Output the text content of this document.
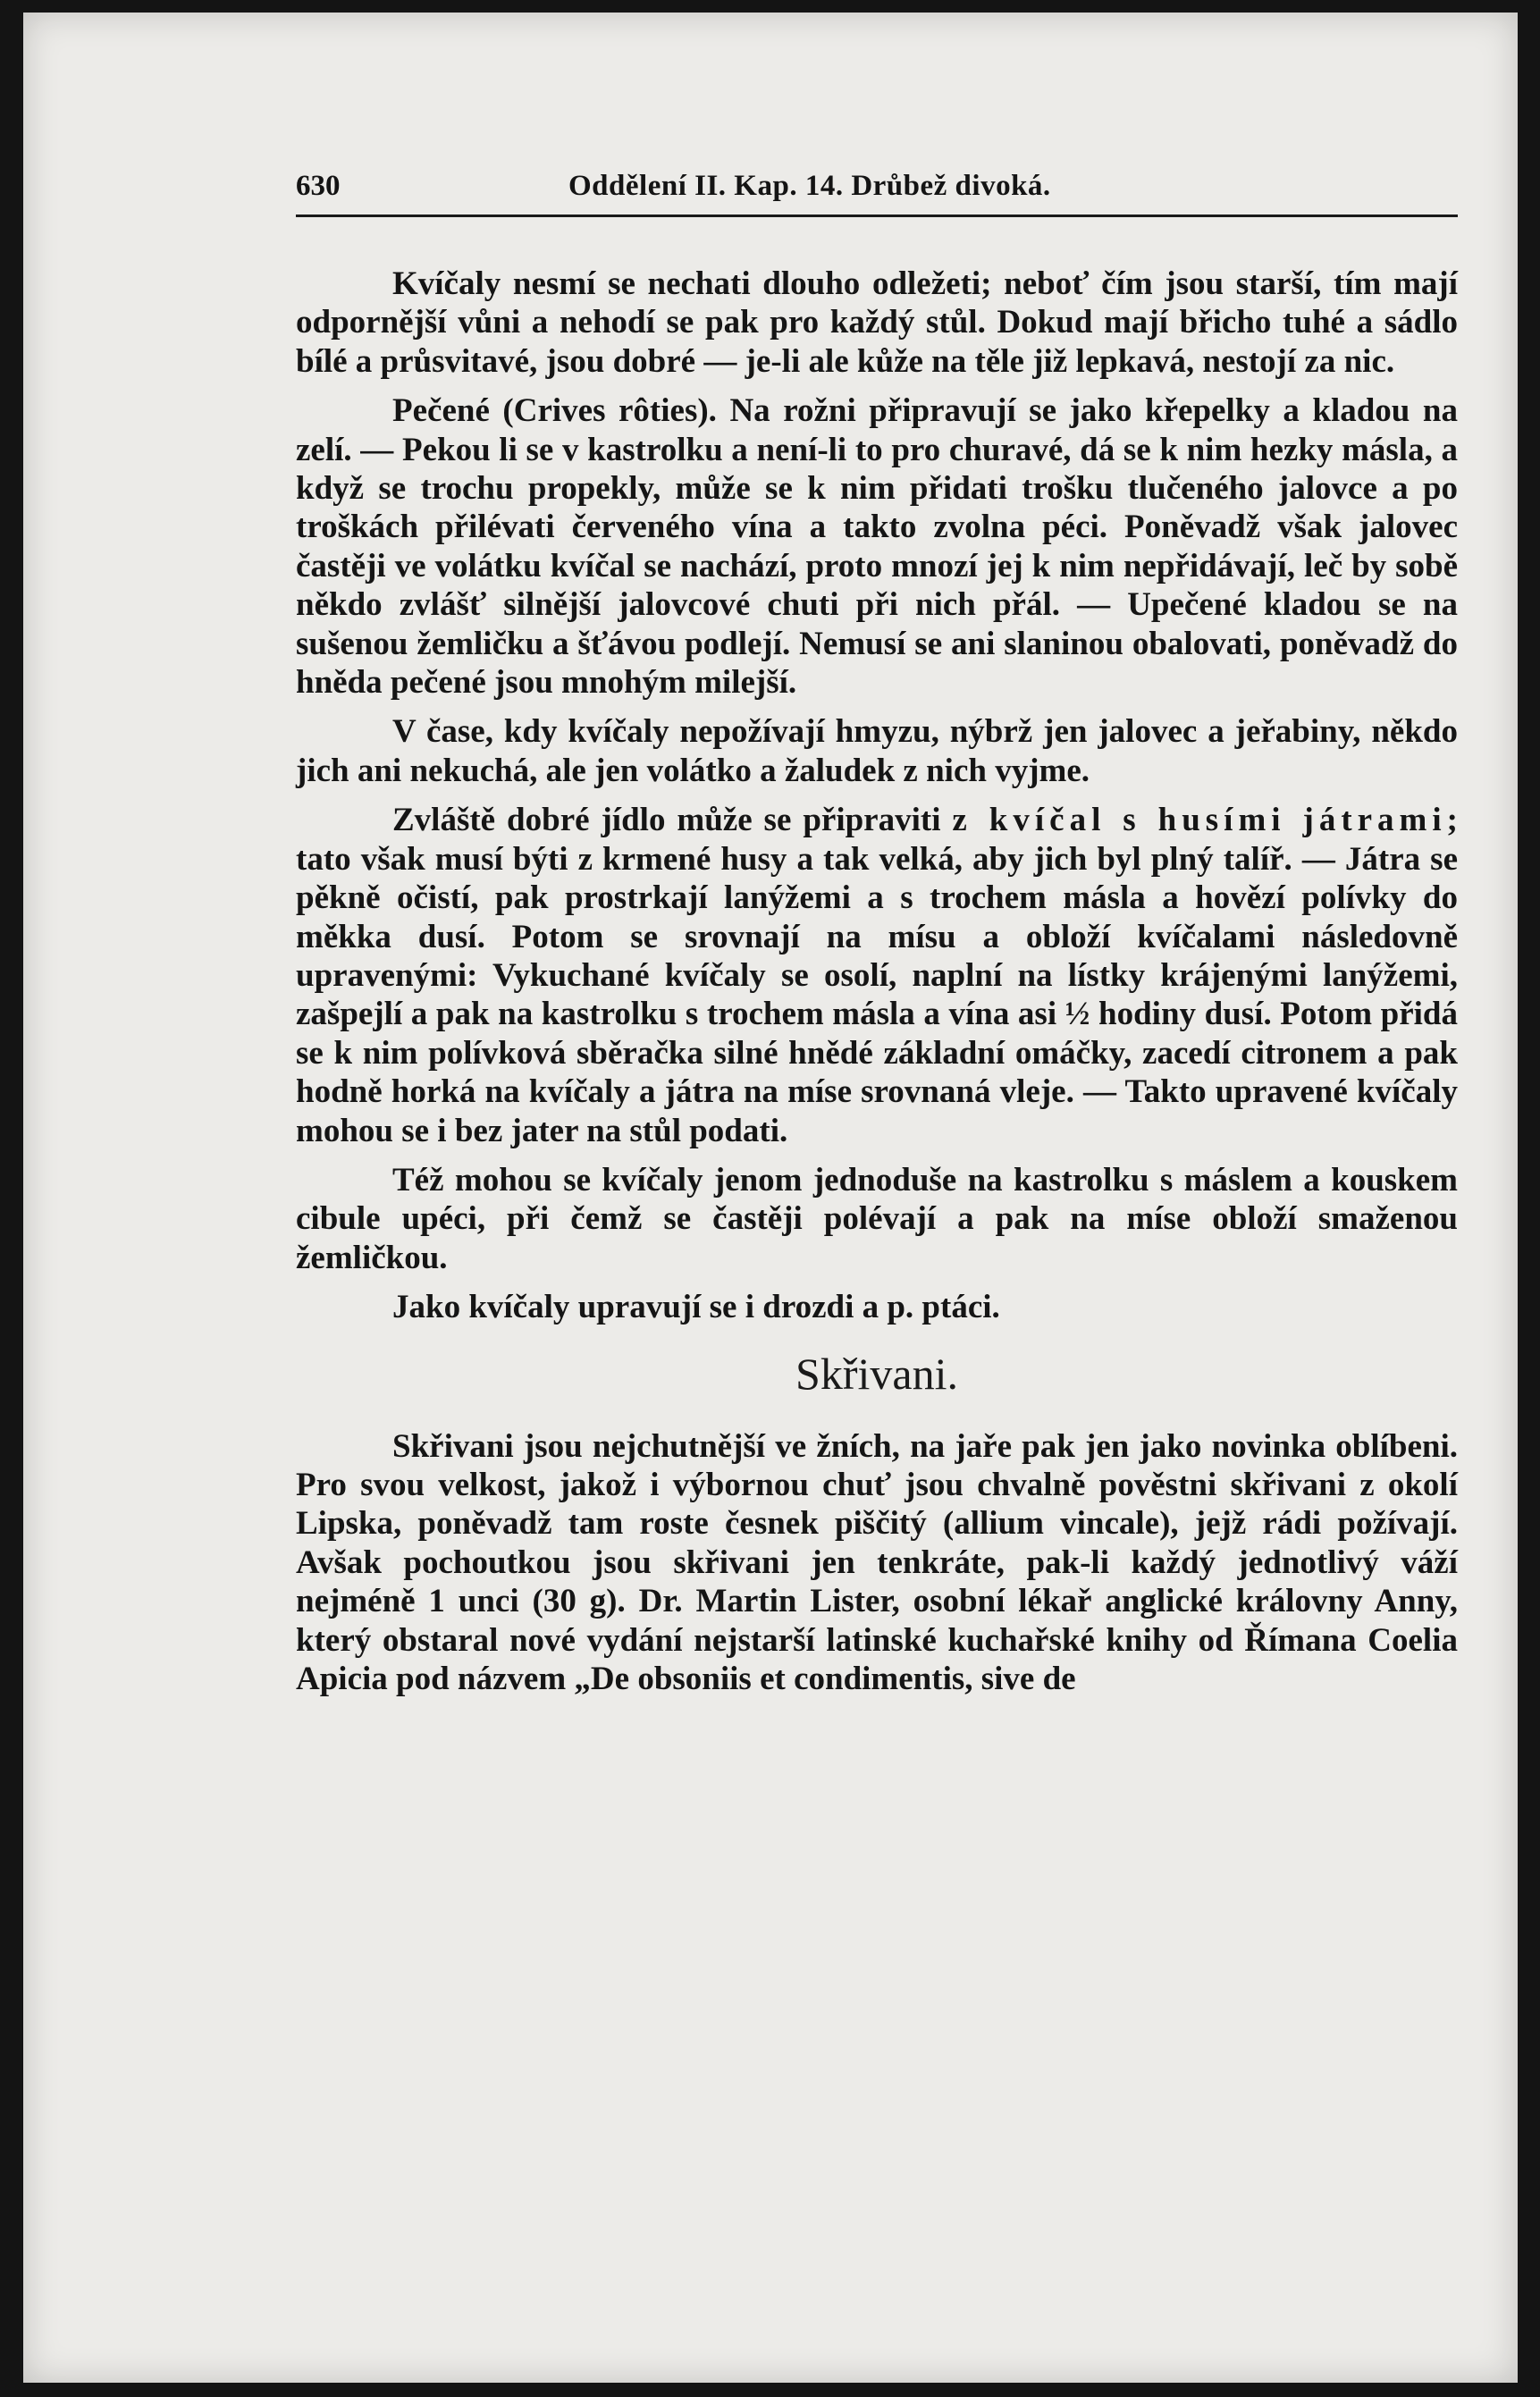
630	Oddělení II. Kap. 14. Drůbež divoká.

Kvíčaly nesmí se nechati dlouho odležeti; neboť čím jsou starší, tím mají odpornější vůni a nehodí se pak pro každý stůl. Dokud mají břicho tuhé a sádlo bílé a průsvitavé, jsou dobré — je-li ale kůže na těle již lepkavá, nestojí za nic.

Pečené (Crives rôties). Na rožni připravují se jako křepelky a kladou na zelí. — Pekou li se v kastrolku a není-li to pro churavé, dá se k nim hezky másla, a když se trochu propekly, může se k nim přidati trošku tlučeného jalovce a po troškách přilévati červeného vína a takto zvolna péci. Poněvadž však jalovec častěji ve volátku kvíčal se nachází, proto mnozí jej k nim nepřidávají, leč by sobě někdo zvlášť silnější jalovcové chuti při nich přál. — Upečené kladou se na sušenou žemličku a šťávou podlejí. Nemusí se ani slaninou obalovati, poněvadž do hněda pečené jsou mnohým milejší.

V čase, kdy kvíčaly nepožívají hmyzu, nýbrž jen jalovec a jeřabiny, někdo jich ani nekuchá, ale jen volátko a žaludek z nich vyjme.

Zvláště dobré jídlo může se připraviti z kvíčal s husími játrami; tato však musí býti z krmené husy a tak velká, aby jich byl plný talíř. — Játra se pěkně očistí, pak prostrkají lanýžemi a s trochem másla a hovězí polívky do měkka dusí. Potom se srovnají na mísu a obloží kvíčalami následovně upravenými: Vykuchané kvíčaly se osolí, naplní na lístky krájenými lanýžemi, zašpejlí a pak na kastrolku s trochem másla a vína asi ½ hodiny dusí. Potom přidá se k nim polívková sběračka silné hnědé základní omáčky, zacedí citronem a pak hodně horká na kvíčaly a játra na míse srovnaná vleje. — Takto upravené kvíčaly mohou se i bez jater na stůl podati.

Též mohou se kvíčaly jenom jednoduše na kastrolku s máslem a kouskem cibule upéci, při čemž se častěji polévají a pak na míse obloží smaženou žemličkou.

Jako kvíčaly upravují se i drozdi a p. ptáci.

Skřivani.

Skřivani jsou nejchutnější ve žních, na jaře pak jen jako novinka oblíbeni. Pro svou velkost, jakož i výbornou chuť jsou chvalně pověstni skřivani z okolí Lipska, poněvadž tam roste česnek piščitý (allium vincale), jejž rádi požívají. Avšak pochoutkou jsou skřivani jen tenkráte, pak-li každý jednotlivý váží nejméně 1 unci (30 g). Dr. Martin Lister, osobní lékař anglické královny Anny, který obstaral nové vydání nejstarší latinské kuchařské knihy od Římana Coelia Apicia pod názvem „De obsoniis et condimentis, sive de
